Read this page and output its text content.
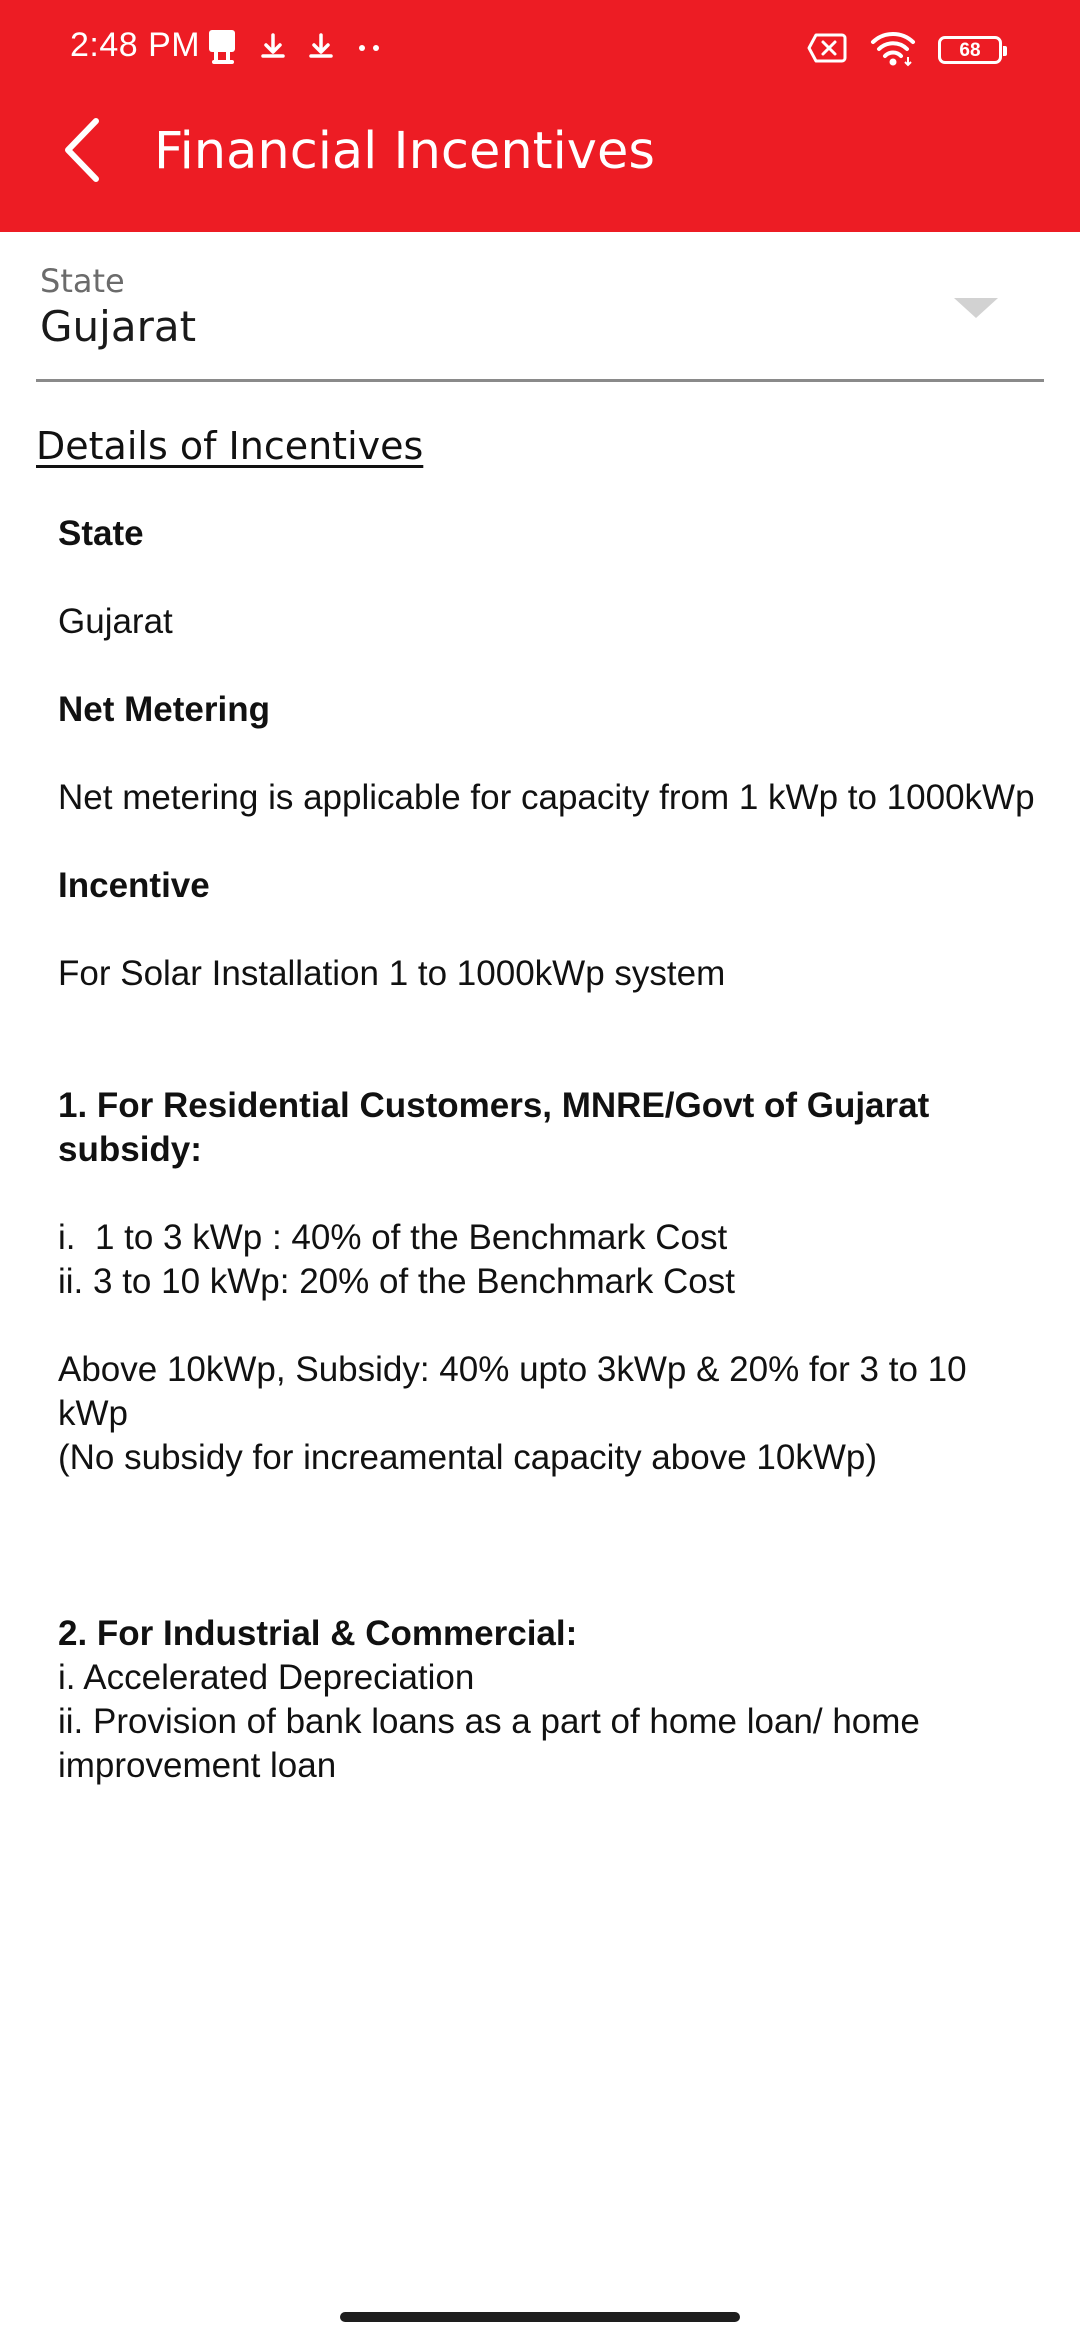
2:48 PM	68
Financial Incentives
State
Gujarat
Details of Incentives

State

Gujarat

Net Metering

Net metering is applicable for capacity from 1 kWp to 1000kWp

Incentive

For Solar Installation 1 to 1000kWp system

1. For Residential Customers, MNRE/Govt of Gujarat subsidy:

i.  1 to 3 kWp : 40% of the Benchmark Cost

ii. 3 to 10 kWp: 20% of the Benchmark Cost

Above 10kWp, Subsidy: 40% upto 3kWp & 20% for 3 to 10 kWp

(No subsidy for increamental capacity above 10kWp)

2. For Industrial & Commercial:

i. Accelerated Depreciation

ii. Provision of bank loans as a part of home loan/ home improvement loan
